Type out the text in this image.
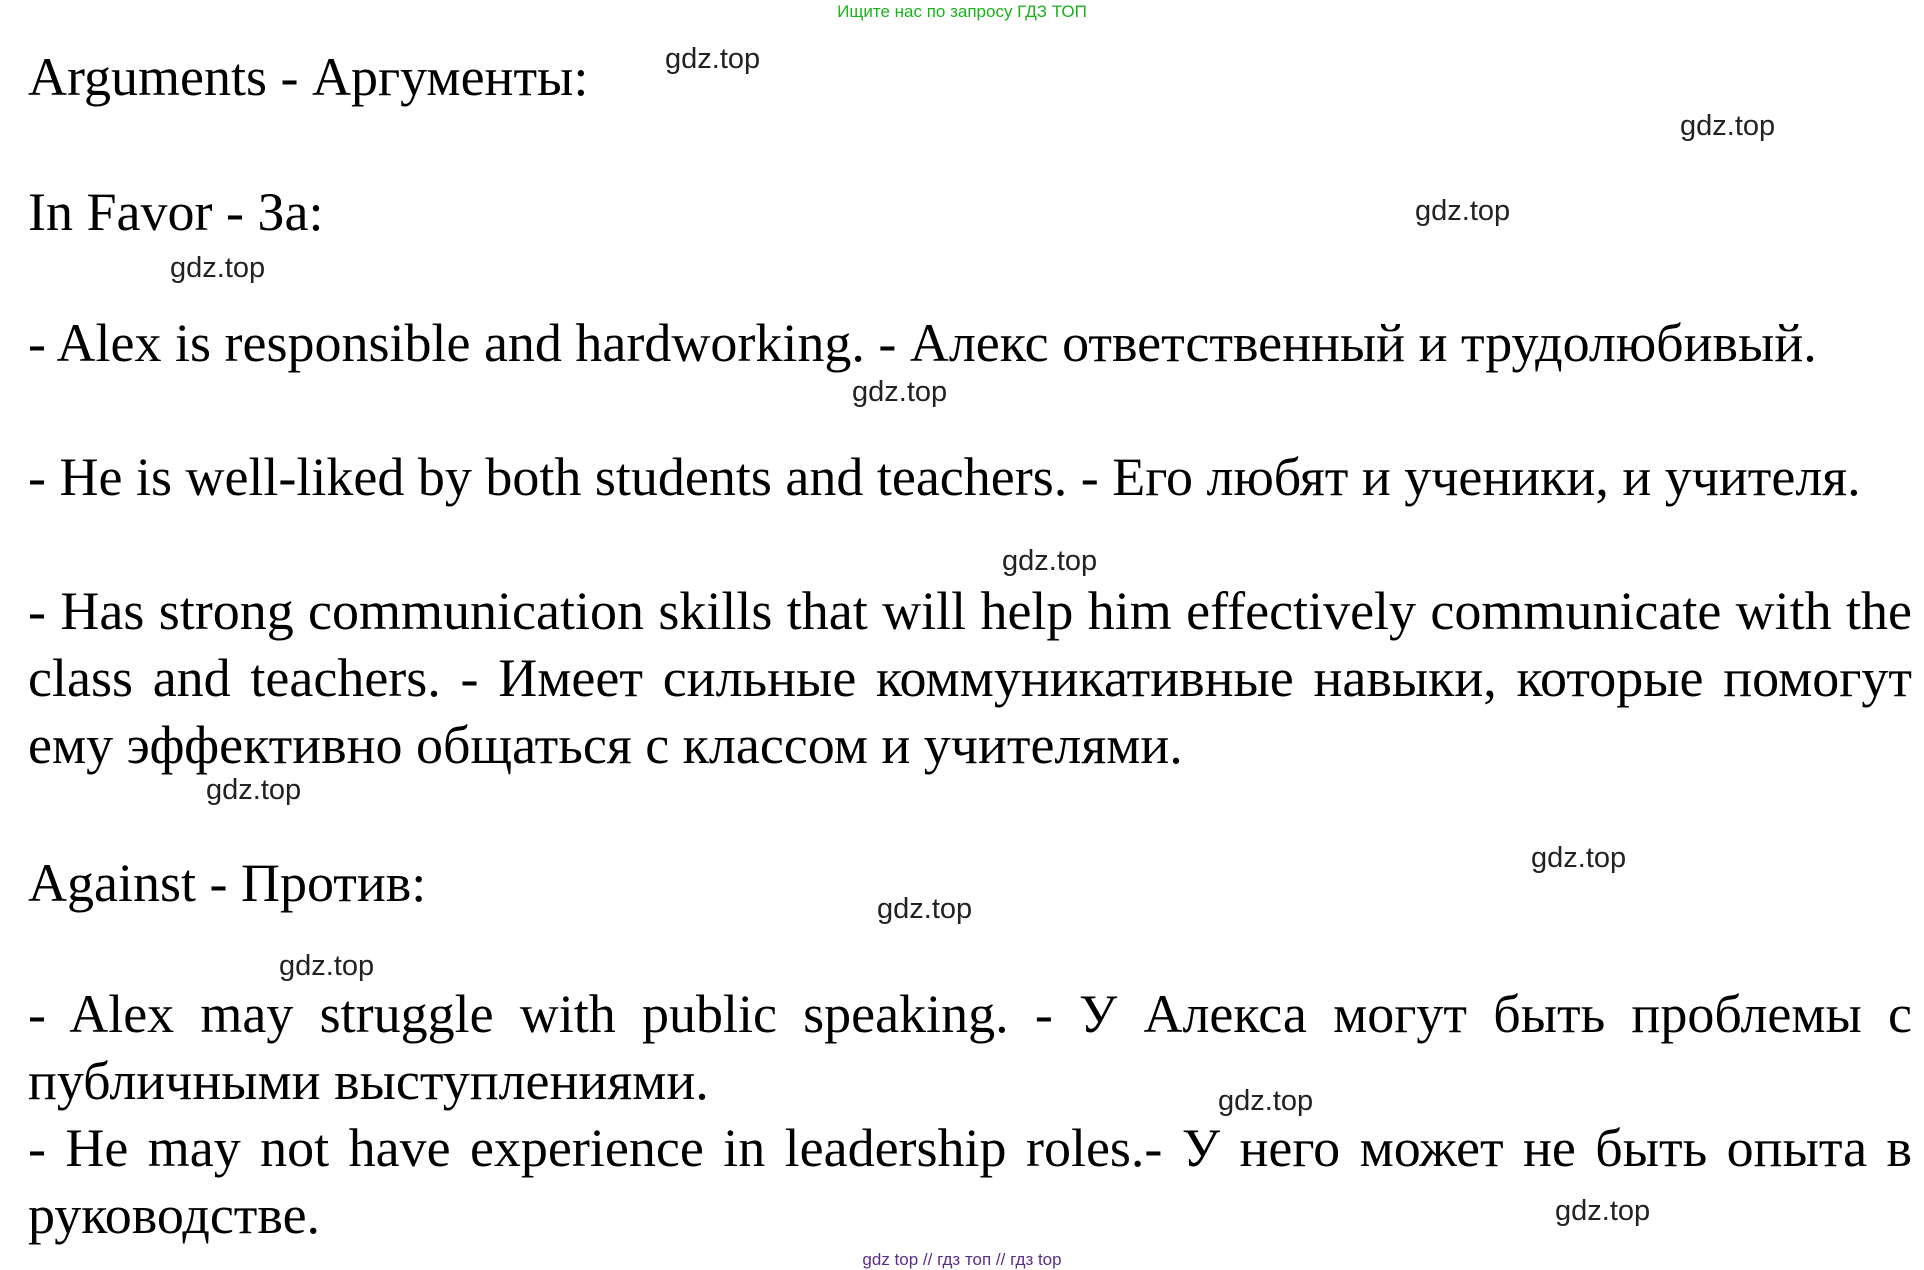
Ищите нас по запросу ГДЗ ТОП
Arguments - Аргументы:
In Favor - За:

- Alex is responsible and hardworking. - Алекс ответственный и трудолюбивый.

- He is well-liked by both students and teachers. - Его любят и ученики, и учителя.

- Has strong communication skills that will help him effectively communicate with the class and teachers. - Имеет сильные коммуникативные навыки, которые помогут ему эффективно общаться с классом и учителями.

Against - Против:

- Alex may struggle with public speaking. - У Алекса могут быть проблемы с публичными выступлениями.

- He may not have experience in leadership roles.- У него может не быть опыта в руководстве.

gdz.top
gdz.top
gdz.top
gdz.top
gdz.top
gdz.top
gdz.top
gdz.top
gdz.top
gdz.top
gdz.top
gdz.top
gdz top // гдз топ // гдз top
